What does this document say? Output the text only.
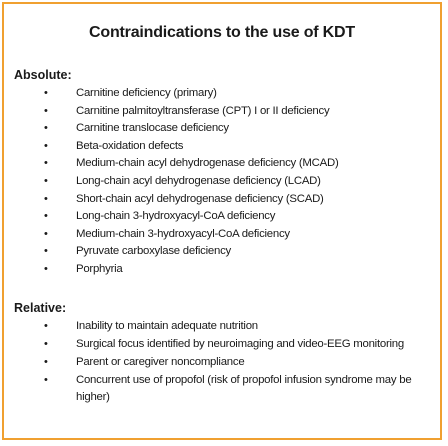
Contraindications to the use of KDT
Absolute:
• Carnitine deficiency (primary)
• Carnitine palmitoyltransferase (CPT) I or II deficiency
• Carnitine translocase deficiency
• Beta-oxidation defects
• Medium-chain acyl dehydrogenase deficiency (MCAD)
• Long-chain acyl dehydrogenase deficiency (LCAD)
• Short-chain acyl dehydrogenase deficiency (SCAD)
• Long-chain 3-hydroxyacyl-CoA deficiency
• Medium-chain 3-hydroxyacyl-CoA deficiency
• Pyruvate carboxylase deficiency
• Porphyria
Relative:
• Inability to maintain adequate nutrition
• Surgical focus identified by neuroimaging and video-EEG monitoring
• Parent or caregiver noncompliance
• Concurrent use of propofol (risk of propofol infusion syndrome may be higher)
